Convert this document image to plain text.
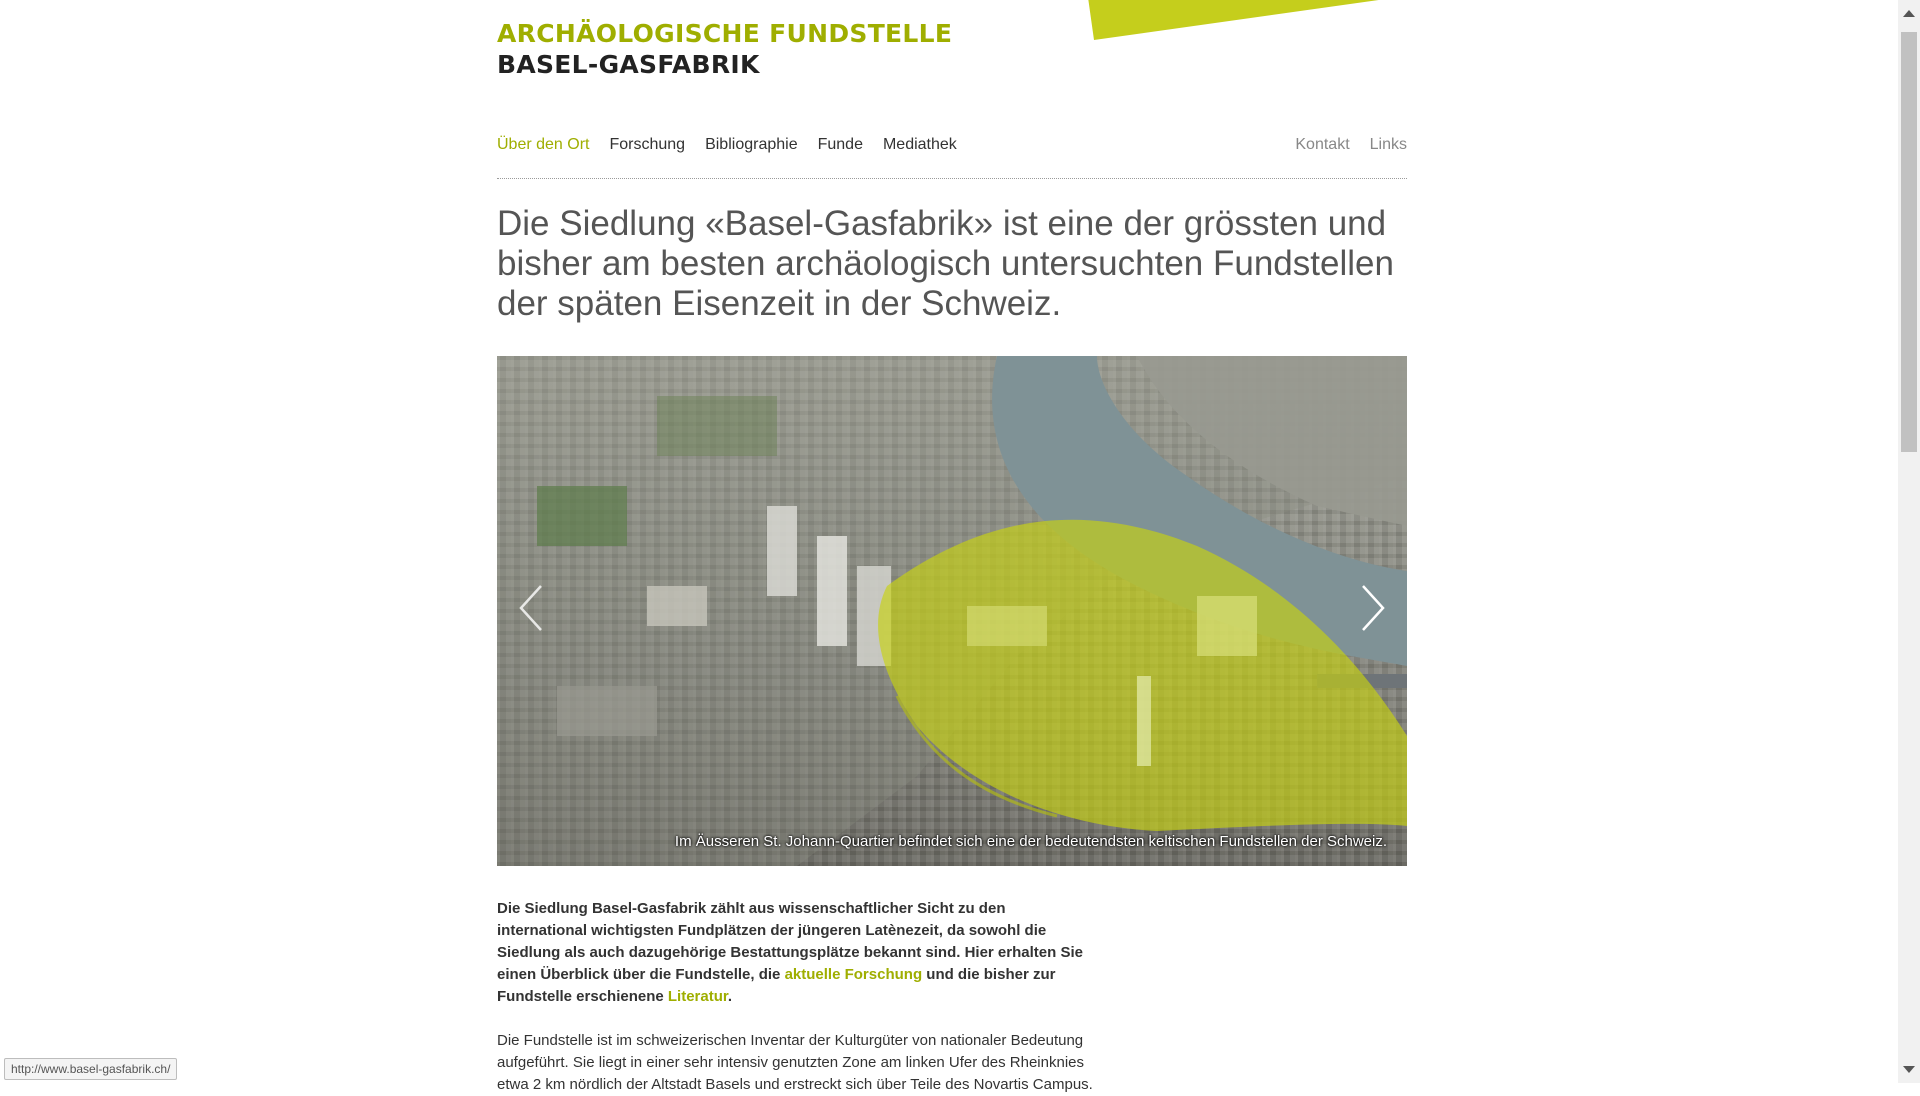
ARCHÄOLOGISCHE FUNDSTELLE
BASEL-GASFABRIK
Über den Ort Forschung Bibliographie Funde Mediathek	Kontakt Links
Die Siedlung «Basel-Gasfabrik» ist eine der grössten und bisher am besten archäologisch untersuchten Fundstellen der späten Eisenzeit in der Schweiz.
Im Äusseren St. Johann-Quartier befindet sich eine der bedeutendsten keltischen Fundstellen der Schweiz.

Die Siedlung Basel-Gasfabrik zählt aus wissenschaftlicher Sicht zu den international wichtigsten Fundplätzen der jüngeren Latènezeit, da sowohl die Siedlung als auch dazugehörige Bestattungsplätze bekannt sind. Hier erhalten Sie einen Überblick über die Fundstelle, die aktuelle Forschung und die bisher zur Fundstelle erschienene Literatur.

Die Fundstelle ist im schweizerischen Inventar der Kulturgüter von nationaler Bedeutung aufgeführt. Sie liegt in einer sehr intensiv genutzten Zone am linken Ufer des Rheinknies etwa 2 km nördlich der Altstadt Basels und erstreckt sich über Teile des Novartis Campus.

http://www.basel-gasfabrik.ch/
